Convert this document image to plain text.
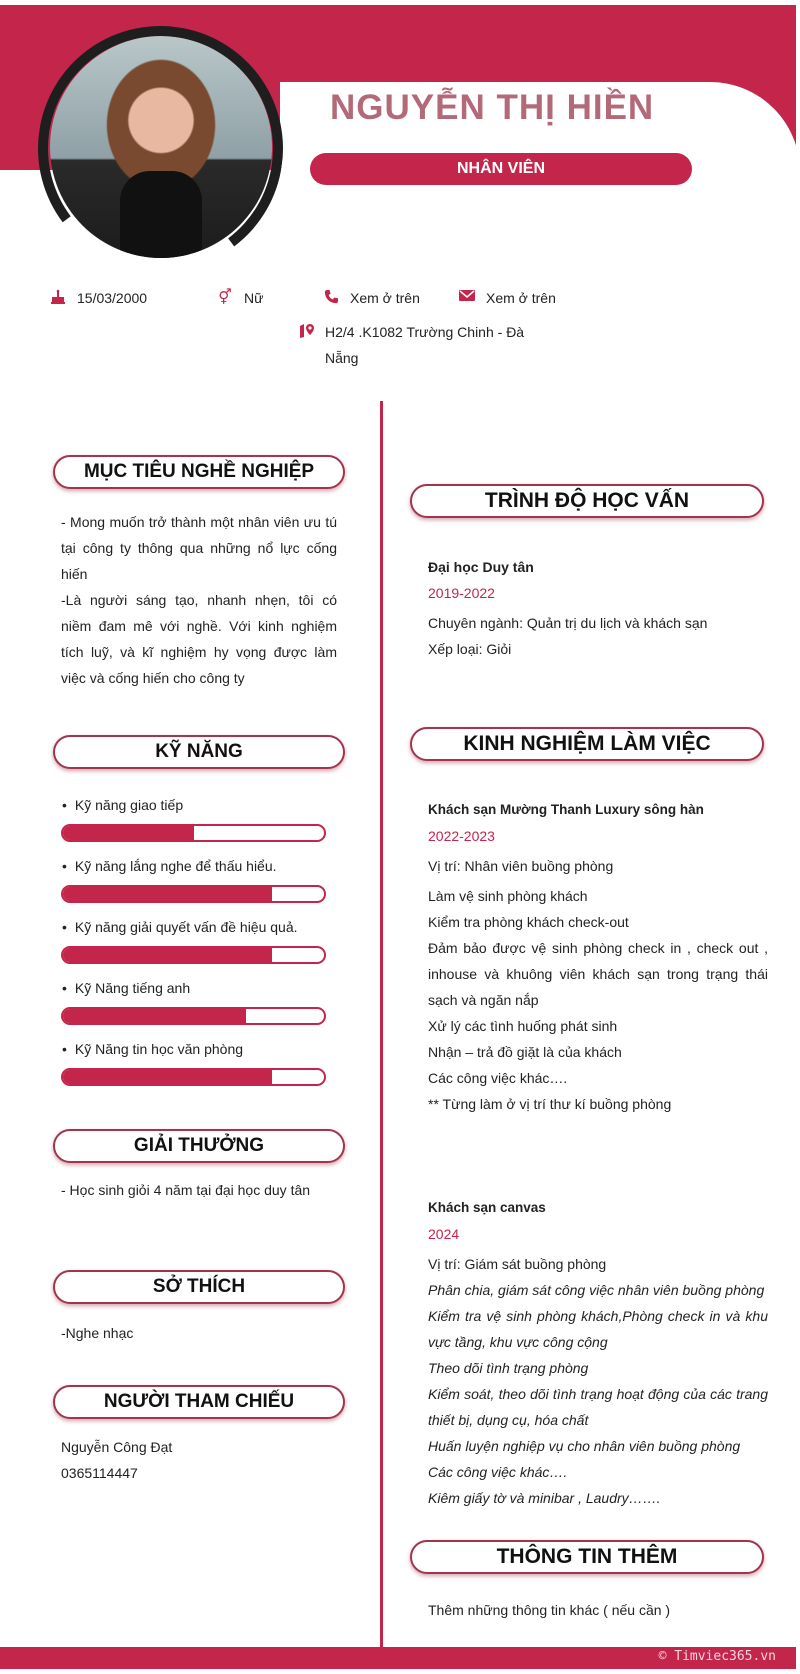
NGUYỄN THỊ HIỀN
NHÂN VIÊN
15/03/2000	⚥ Nữ	Xem ở trên	Xem ở trên
H2/4 .K1082 Trường Chinh - Đà Nẵng
MỤC TIÊU NGHỀ NGHIỆP
- Mong muốn trở thành một nhân viên ưu tú tại công ty thông qua những nổ lực cống hiến
-Là người sáng tạo, nhanh nhẹn, tôi có niềm đam mê với nghề. Với kinh nghiệm tích luỹ, và kĩ nghiệm hy vọng được làm việc và cống hiến cho công ty
KỸ NĂNG
• Kỹ năng giao tiếp
• Kỹ năng lắng nghe để thấu hiểu.
• Kỹ năng giải quyết vấn đề hiệu quả.
• Kỹ Năng tiếng anh
• Kỹ Năng tin học văn phòng
GIẢI THƯỞNG
- Học sinh giỏi 4 năm tại đại học duy tân
SỞ THÍCH
-Nghe nhạc
NGƯỜI THAM CHIẾU
Nguyễn Công Đạt
0365114447
TRÌNH ĐỘ HỌC VẤN
Đại học Duy tân
2019-2022
Chuyên ngành: Quản trị du lịch và khách sạn
Xếp loại: Giỏi
KINH NGHIỆM LÀM VIỆC
Khách sạn Mường Thanh Luxury sông hàn
2022-2023
Vị trí: Nhân viên buồng phòng
Làm vệ sinh phòng khách
Kiểm tra phòng khách check-out
Đảm bảo được vệ sinh phòng check in , check out , inhouse và khuông viên khách sạn trong trạng thái sạch và ngăn nắp
Xử lý các tình huống phát sinh
Nhận – trả đồ giặt là của khách
Các công việc khác….
** Từng làm ở vị trí thư kí buồng phòng
Khách sạn canvas
2024
Vị trí: Giám sát buồng phòng
Phân chia, giám sát công việc nhân viên buồng phòng
Kiểm tra vệ sinh phòng khách,Phòng check in và khu vực tầng, khu vực công cộng
Theo dõi tình trạng phòng
Kiểm soát, theo dõi tình trạng hoạt động của các trang thiết bị, dụng cụ, hóa chất
Huấn luyện nghiệp vụ cho nhân viên buồng phòng
Các công việc khác….
Kiêm giấy tờ và minibar , Laudry…….
THÔNG TIN THÊM
Thêm những thông tin khác ( nếu cần )
© Timviec365.vn
